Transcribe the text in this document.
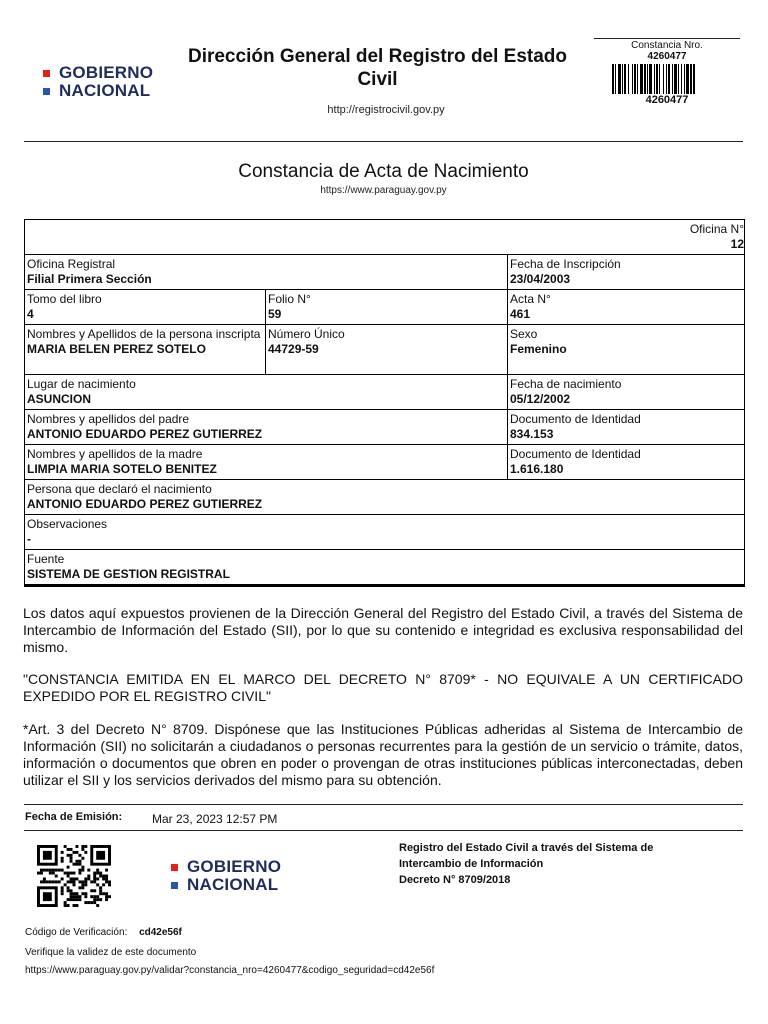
GOBIERNO
NACIONAL
Dirección General del Registro del Estado Civil
http://registrocivil.gov.py
Constancia Nro.
4260477
4260477
Constancia de Acta de Nacimiento
https://www.paraguay.gov.py
Oficina N°
12
Oficina Registral
Filial Primera Sección
Fecha de Inscripción
23/04/2003
Tomo del libro
4
Folio N°
59
Acta N°
461
Nombres y Apellidos de la persona inscripta
MARIA BELEN PEREZ SOTELO
Número Único
44729-59
Sexo
Femenino
Lugar de nacimiento
ASUNCION
Fecha de nacimiento
05/12/2002
Nombres y apellidos del padre
ANTONIO EDUARDO PEREZ GUTIERREZ
Documento de Identidad
834.153
Nombres y apellidos de la madre
LIMPIA MARIA SOTELO BENITEZ
Documento de Identidad
1.616.180
Persona que declaró el nacimiento
ANTONIO EDUARDO PEREZ GUTIERREZ
Observaciones
-
Fuente
SISTEMA DE GESTION REGISTRAL
Los datos aquí expuestos provienen de la Dirección General del Registro del Estado Civil, a través del Sistema de Intercambio de Información del Estado (SII), por lo que su contenido e integridad es exclusiva responsabilidad del mismo.
"CONSTANCIA EMITIDA EN EL MARCO DEL DECRETO N° 8709* - NO EQUIVALE A UN CERTIFICADO EXPEDIDO POR EL REGISTRO CIVIL"
*Art. 3 del Decreto N° 8709. Dispónese que las Instituciones Públicas adheridas al Sistema de Intercambio de Información (SII) no solicitarán a ciudadanos o personas recurrentes para la gestión de un servicio o trámite, datos, información o documentos que obren en poder o provengan de otras instituciones públicas interconectadas, deben utilizar el SII y los servicios derivados del mismo para su obtención.
Fecha de Emisión: Mar 23, 2023 12:57 PM
GOBIERNO
NACIONAL
Registro del Estado Civil a través del Sistema de
Intercambio de Información
Decreto N° 8709/2018
Código de Verificación: cd42e56f
Verifique la validez de este documento
https://www.paraguay.gov.py/validar?constancia_nro=4260477&codigo_seguridad=cd42e56f
